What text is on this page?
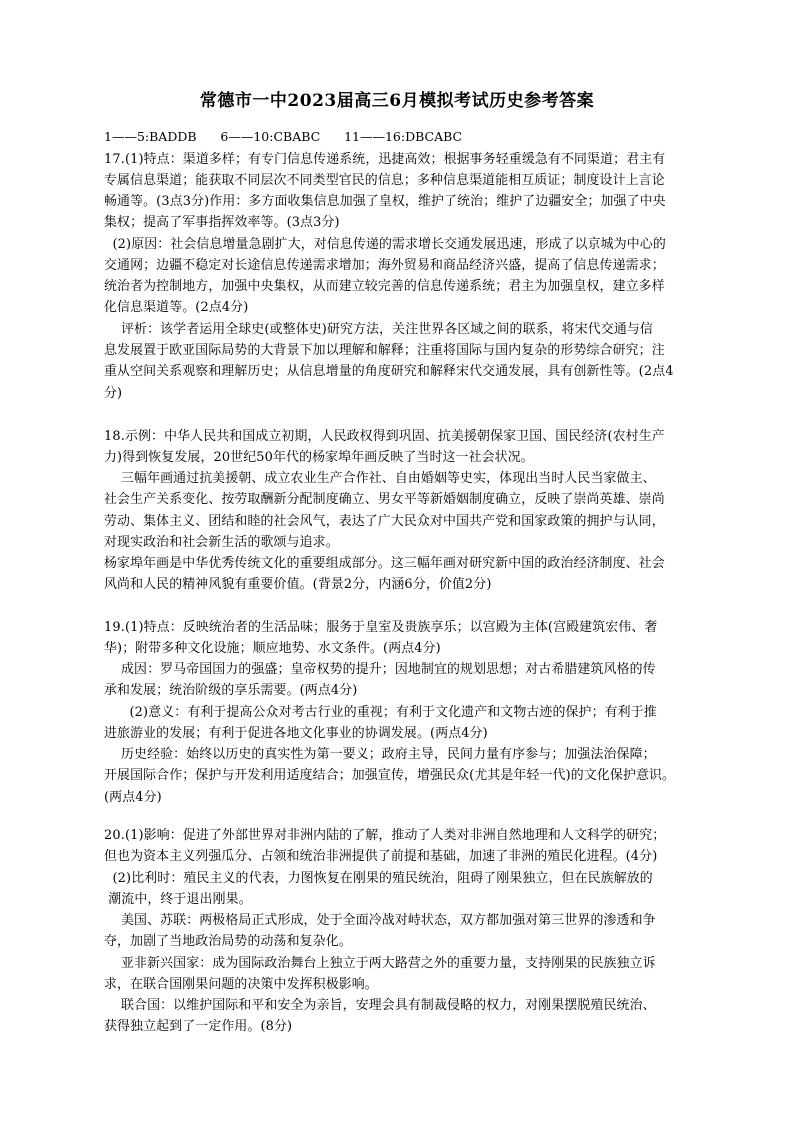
常德市一中2023届高三6月模拟考试历史参考答案
1——5:BADDB      6——10:CBABC      11——16:DBCABC
17.(1)特点：渠道多样；有专门信息传递系统，迅捷高效；根据事务轻重缓急有不同渠道；君主有
专属信息渠道；能获取不同层次不同类型官民的信息；多种信息渠道能相互质证；制度设计上言论
畅通等。(3点3分)作用：多方面收集信息加强了皇权，维护了统治；维护了边疆安全；加强了中央
集权；提高了军事指挥效率等。(3点3分)
(2)原因：社会信息增量急剧扩大，对信息传递的需求增长交通发展迅速，形成了以京城为中心的
交通网；边疆不稳定对长途信息传递需求增加；海外贸易和商品经济兴盛，提高了信息传递需求；
统治者为控制地方，加强中央集权，从而建立较完善的信息传递系统；君主为加强皇权，建立多样
化信息渠道等。(2点4分)
评析：该学者运用全球史(或整体史)研究方法，关注世界各区域之间的联系，将宋代交通与信
息发展置于欧亚国际局势的大背景下加以理解和解释；注重将国际与国内复杂的形势综合研究；注
重从空间关系观察和理解历史；从信息增量的角度研究和解释宋代交通发展，具有创新性等。(2点4
分)
18.示例：中华人民共和国成立初期，人民政权得到巩固、抗美援朝保家卫国、国民经济(农村生产
力)得到恢复发展，20世纪50年代的杨家埠年画反映了当时这一社会状况。
三幅年画通过抗美援朝、成立农业生产合作社、自由婚姻等史实，体现出当时人民当家做主、
社会生产关系变化、按劳取酬新分配制度确立、男女平等新婚姻制度确立，反映了崇尚英雄、崇尚
劳动、集体主义、团结和睦的社会风气，表达了广大民众对中国共产党和国家政策的拥护与认同，
对现实政治和社会新生活的歌颂与追求。
杨家埠年画是中华优秀传统文化的重要组成部分。这三幅年画对研究新中国的政治经济制度、社会
风尚和人民的精神风貌有重要价值。(背景2分，内涵6分，价值2分)
19.(1)特点：反映统治者的生活品味；服务于皇室及贵族享乐；以宫殿为主体(宫殿建筑宏伟、奢
华)；附带多种文化设施；顺应地势、水文条件。(两点4分)
成因：罗马帝国国力的强盛；皇帝权势的提升；因地制宜的规划思想；对古希腊建筑风格的传
承和发展；统治阶级的享乐需要。(两点4分)
(2)意义：有利于提高公众对考古行业的重视；有利于文化遗产和文物古迹的保护；有利于推
进旅游业的发展；有利于促进各地文化事业的协调发展。(两点4分)
历史经验：始终以历史的真实性为第一要义；政府主导，民间力量有序参与；加强法治保障；
开展国际合作；保护与开发利用适度结合；加强宣传，增强民众(尤其是年轻一代)的文化保护意识。
(两点4分)
20.(1)影响：促进了外部世界对非洲内陆的了解，推动了人类对非洲自然地理和人文科学的研究；
但也为资本主义列强瓜分、占领和统治非洲提供了前提和基础，加速了非洲的殖民化进程。(4分)
(2)比利时：殖民主义的代表，力图恢复在刚果的殖民统治，阻碍了刚果独立，但在民族解放的
潮流中，终于退出刚果。
美国、苏联：两极格局正式形成，处于全面冷战对峙状态，双方都加强对第三世界的渗透和争
夺，加剧了当地政治局势的动荡和复杂化。
亚非新兴国家：成为国际政治舞台上独立于两大路营之外的重要力量，支持刚果的民族独立诉
求，在联合国刚果问题的决策中发挥积极影响。
联合国：以维护国际和平和安全为亲旨，安理会具有制裁侵略的权力，对刚果摆脱殖民统治、
获得独立起到了一定作用。(8分)
